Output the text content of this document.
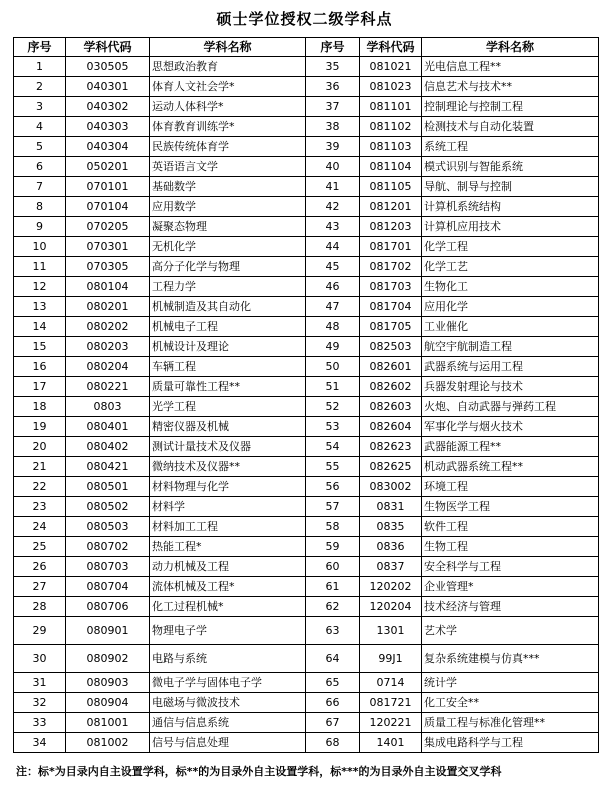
硕士学位授权二级学科点
序号	学科代码	学科名称	序号	学科代码	学科名称
1	030505	思想政治教育	35	081021	光电信息工程**
2	040301	体育人文社会学*	36	081023	信息艺术与技术**
3	040302	运动人体科学*	37	081101	控制理论与控制工程
4	040303	体育教育训练学*	38	081102	检测技术与自动化装置
5	040304	民族传统体育学	39	081103	系统工程
6	050201	英语语言文学	40	081104	模式识别与智能系统
7	070101	基础数学	41	081105	导航、制导与控制
8	070104	应用数学	42	081201	计算机系统结构
9	070205	凝聚态物理	43	081203	计算机应用技术
10	070301	无机化学	44	081701	化学工程
11	070305	高分子化学与物理	45	081702	化学工艺
12	080104	工程力学	46	081703	生物化工
13	080201	机械制造及其自动化	47	081704	应用化学
14	080202	机械电子工程	48	081705	工业催化
15	080203	机械设计及理论	49	082503	航空宇航制造工程
16	080204	车辆工程	50	082601	武器系统与运用工程
17	080221	质量可靠性工程**	51	082602	兵器发射理论与技术
18	0803	光学工程	52	082603	火炮、自动武器与弹药工程
19	080401	精密仪器及机械	53	082604	军事化学与烟火技术
20	080402	测试计量技术及仪器	54	082623	武器能源工程**
21	080421	微纳技术及仪器**	55	082625	机动武器系统工程**
22	080501	材料物理与化学	56	083002	环境工程
23	080502	材料学	57	0831	生物医学工程
24	080503	材料加工工程	58	0835	软件工程
25	080702	热能工程*	59	0836	生物工程
26	080703	动力机械及工程	60	0837	安全科学与工程
27	080704	流体机械及工程*	61	120202	企业管理*
28	080706	化工过程机械*	62	120204	技术经济与管理
29	080901	物理电子学	63	1301	艺术学
30	080902	电路与系统	64	99J1	复杂系统建模与仿真***
31	080903	微电子学与固体电子学	65	0714	统计学
32	080904	电磁场与微波技术	66	081721	化工安全**
33	081001	通信与信息系统	67	120221	质量工程与标准化管理**
34	081002	信号与信息处理	68	1401	集成电路科学与工程
注：标*为目录内自主设置学科，标**的为目录外自主设置学科，标***的为目录外自主设置交叉学科
